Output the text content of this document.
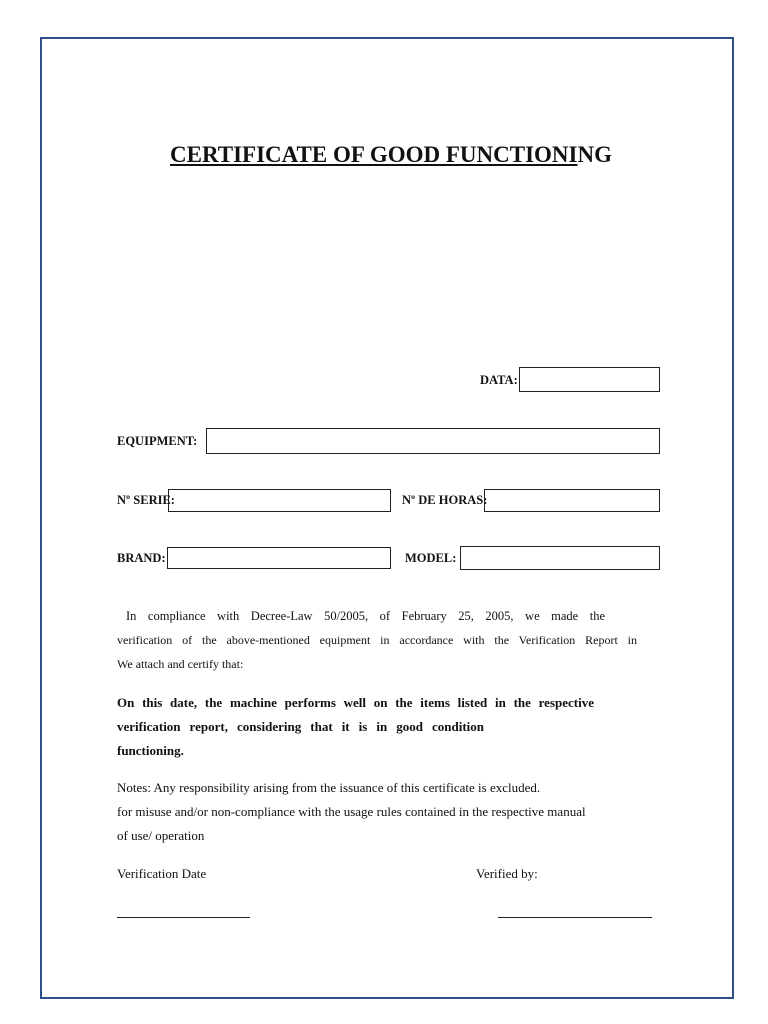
CERTIFICATE OF GOOD FUNCTIONING
DATA:
EQUIPMENT:
Nº SERIE:	Nº DE HORAS:
BRAND:	MODEL:
In compliance with Decree-Law 50/2005, of February 25, 2005, we made the
verification of the above-mentioned equipment in accordance with the Verification Report in
We attach and certify that:
On this date, the machine performs well on the items listed in the respective
verification report, considering that it is in good condition
functioning.
Notes: Any responsibility arising from the issuance of this certificate is excluded.
for misuse and/or non-compliance with the usage rules contained in the respective manual
of use/ operation
Verification Date	Verified by:
